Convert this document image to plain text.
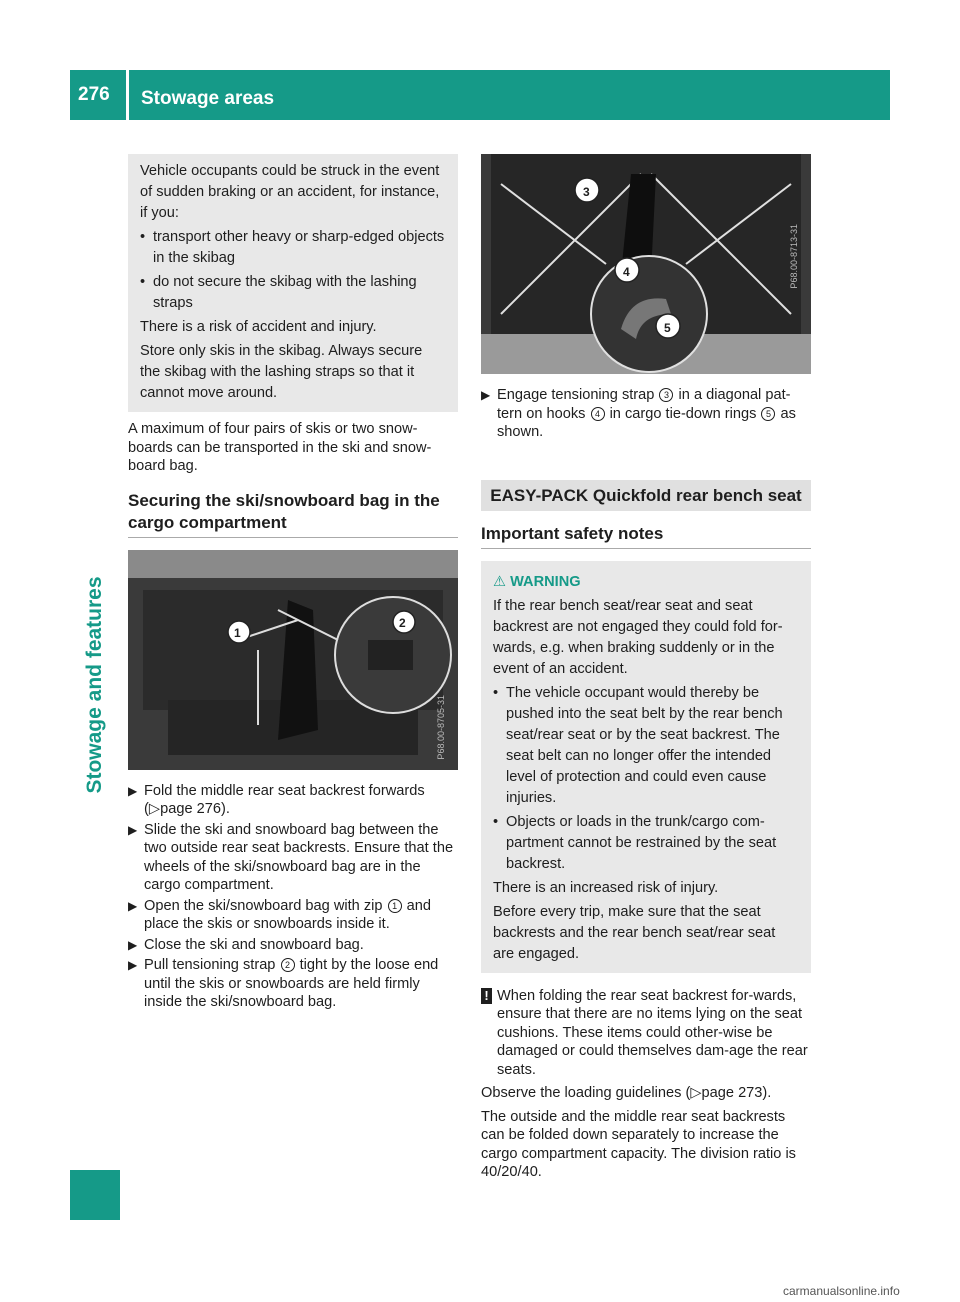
276 Stowage areas
Stowage and features

Vehicle occupants could be struck in the event of sudden braking or an accident, for instance, if you:

• transport other heavy or sharp-edged objects in the skibag
• do not secure the skibag with the lashing straps

There is a risk of accident and injury.

Store only skis in the skibag. Always secure the skibag with the lashing straps so that it cannot move around.

A maximum of four pairs of skis or two snow-boards can be transported in the ski and snow-board bag.

Securing the ski/snowboard bag in the cargo compartment

1
2
P68.00-8705-31
▶ Fold the middle rear seat backrest forwards (▷page 276).
▶ Slide the ski and snowboard bag between the two outside rear seat backrests. Ensure that the wheels of the ski/snowboard bag are in the cargo compartment.
▶ Open the ski/snowboard bag with zip 1 and place the skis or snowboards inside it.
▶ Close the ski and snowboard bag.
▶ Pull tensioning strap 2 tight by the loose end until the skis or snowboards are held firmly inside the ski/snowboard bag.
3
4
5
P68.00-8713-31
▶ Engage tensioning strap 3 in a diagonal pat-tern on hooks 4 in cargo tie-down rings 5 as shown.
EASY-PACK Quickfold rear bench seat

Important safety notes

⚠ WARNING

If the rear bench seat/rear seat and seat backrest are not engaged they could fold for-wards, e.g. when braking suddenly or in the event of an accident.

• The vehicle occupant would thereby be pushed into the seat belt by the rear bench seat/rear seat or by the seat backrest. The seat belt can no longer offer the intended level of protection and could even cause injuries.
• Objects or loads in the trunk/cargo com-partment cannot be restrained by the seat backrest.

There is an increased risk of injury.

Before every trip, make sure that the seat backrests and the rear bench seat/rear seat are engaged.

! When folding the rear seat backrest for-wards, ensure that there are no items lying on the seat cushions. These items could other-wise be damaged or could themselves dam-age the rear seats.

Observe the loading guidelines (▷page 273).

The outside and the middle rear seat backrests can be folded down separately to increase the cargo compartment capacity. The division ratio is 40/20/40.

carmanualsonline.info
